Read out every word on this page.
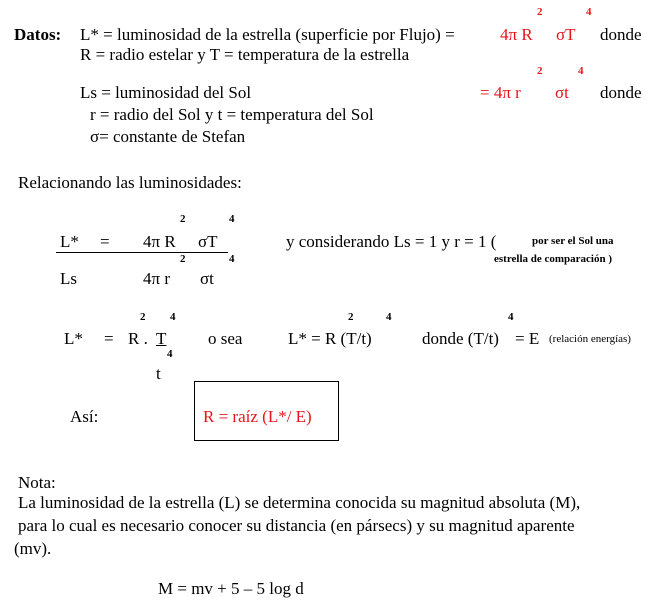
Datos: L* = luminosidad de la estrella (superficie por Flujo) =	4π R
2
σT
4
donde
R = radio estelar y T = temperatura de la estrella
Ls = luminosidad del Sol	= 4π r
2
σt
4
donde
r = radio del Sol y t = temperatura del Sol
σ= constante de Stefan
Relacionando las luminosidades:
L* = 4π R
2
σT
4
Ls	4π r
2
σt
4
y considerando Ls = 1 y r = 1 (	por ser el Sol una
estrella de comparación )
L* = R .
2
T
4
4
t
o sea	L* = R (T/t)
2	4
donde (T/t)
4
= E (relación energías)
Así:	R = raíz (L*/ E)
Nota:
La luminosidad de la estrella (L) se determina conocida su magnitud absoluta (M),
para lo cual es necesario conocer su distancia (en pársecs) y su magnitud aparente
(mv).
M = mv + 5 – 5 log d
